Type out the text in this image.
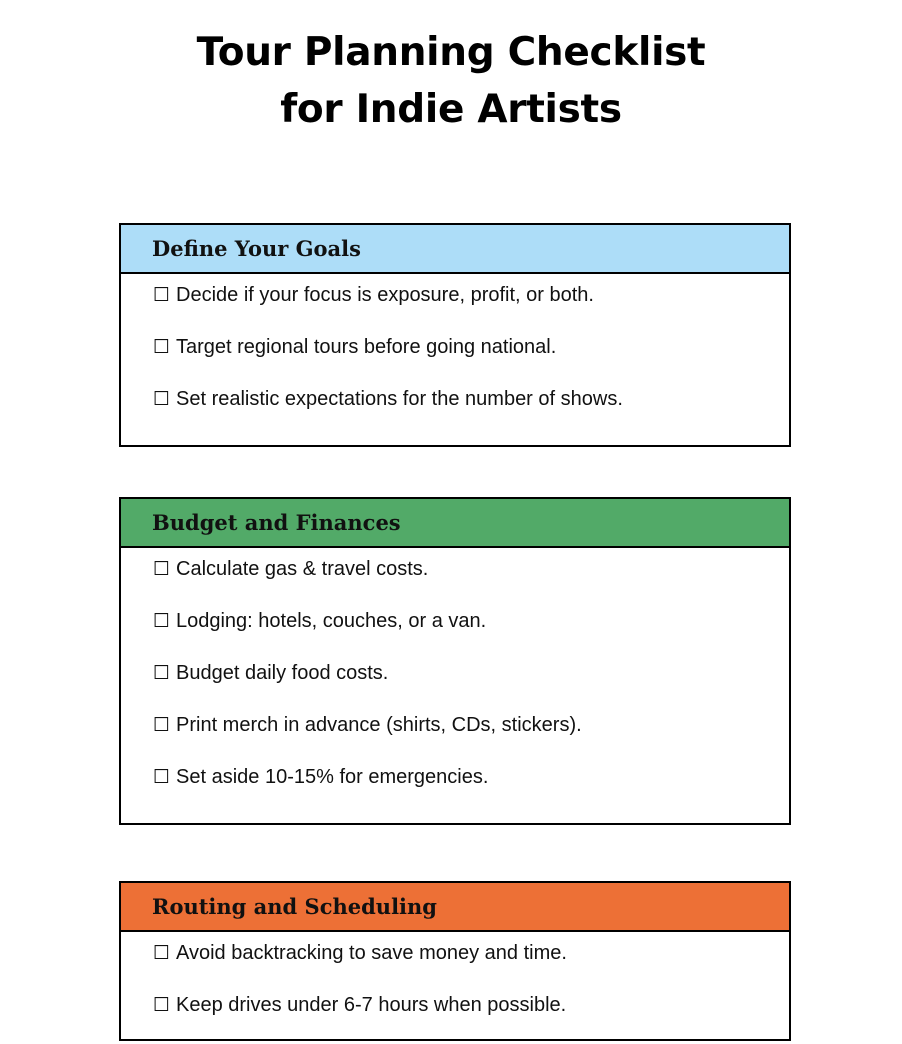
Tour Planning Checklist
for Indie Artists
Define Your Goals
☐ Decide if your focus is exposure, profit, or both.
☐ Target regional tours before going national.
☐ Set realistic expectations for the number of shows.
Budget and Finances
☐ Calculate gas & travel costs.
☐ Lodging: hotels, couches, or a van.
☐ Budget daily food costs.
☐ Print merch in advance (shirts, CDs, stickers).
☐ Set aside 10-15% for emergencies.
Routing and Scheduling
☐ Avoid backtracking to save money and time.
☐ Keep drives under 6-7 hours when possible.
